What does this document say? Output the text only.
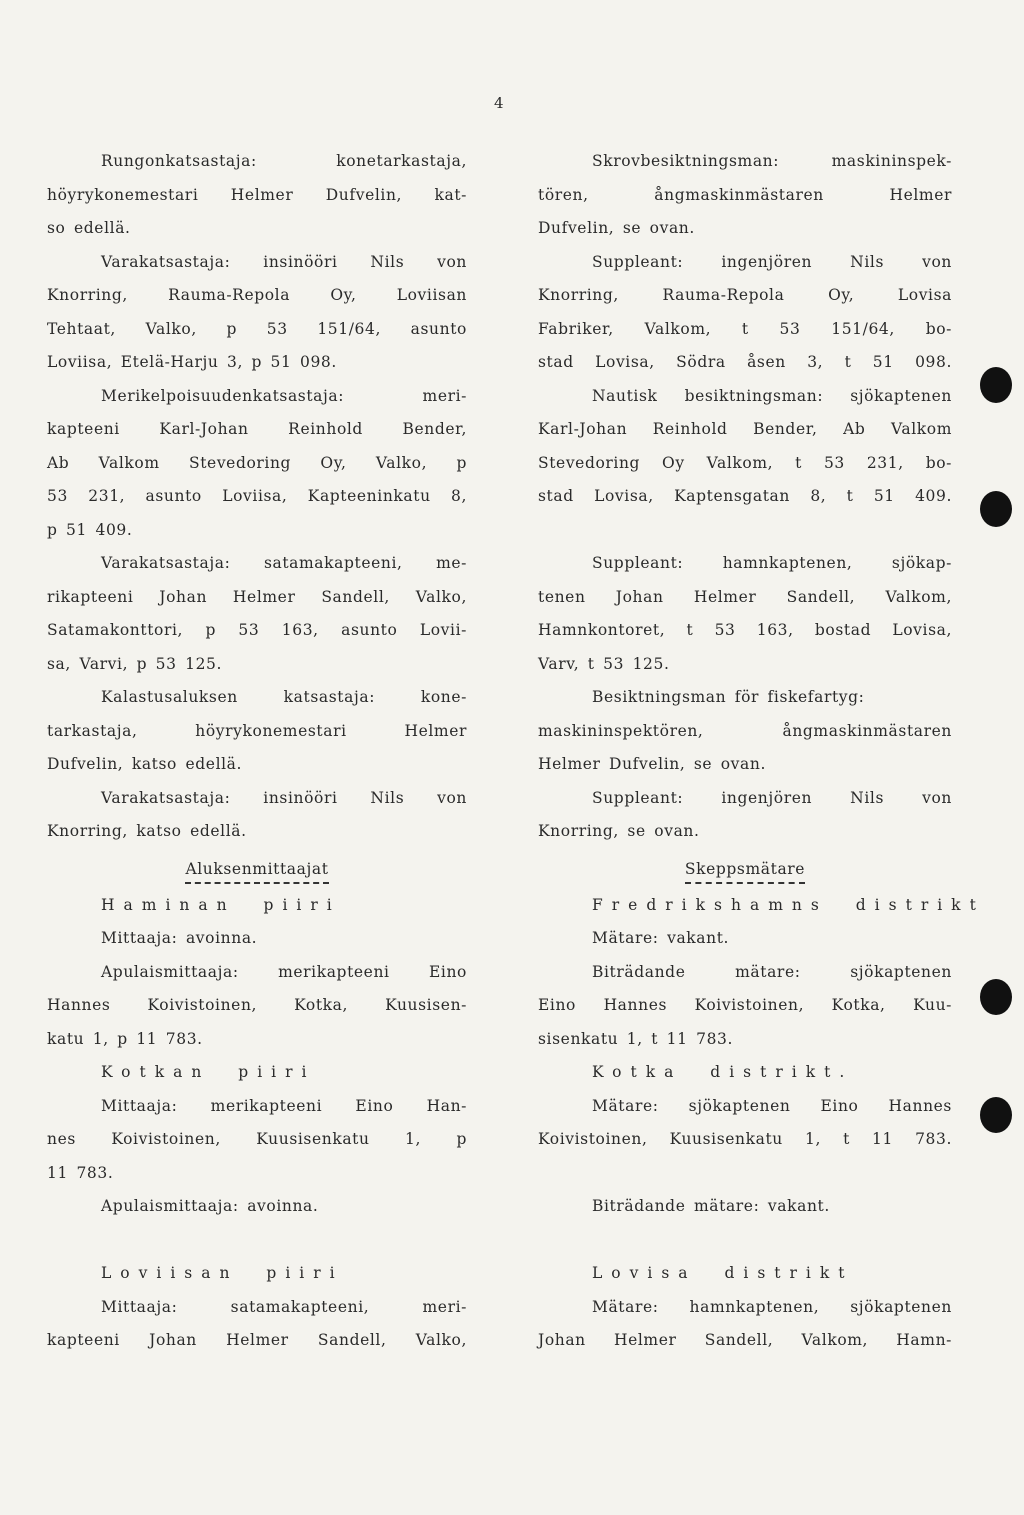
4
Rungonkatsastaja: konetarkastaja,
höyrykonemestari Helmer Dufvelin, kat-
so edellä.
Varakatsastaja: insinööri Nils von
Knorring, Rauma-Repola Oy, Loviisan
Tehtaat, Valko, p 53 151/64, asunto
Loviisa, Etelä-Harju 3, p 51 098.
Merikelpoisuudenkatsastaja: meri-
kapteeni Karl-Johan Reinhold Bender,
Ab Valkom Stevedoring Oy, Valko, p
53 231, asunto Loviisa, Kapteeninkatu 8,
p 51 409.
Varakatsastaja: satamakapteeni, me-
rikapteeni Johan Helmer Sandell, Valko,
Satamakonttori, p 53 163, asunto Lovii-
sa, Varvi, p 53 125.
Kalastusaluksen katsastaja: kone-
tarkastaja, höyrykonemestari Helmer
Dufvelin, katso edellä.
Varakatsastaja: insinööri Nils von
Knorring, katso edellä.
Aluksenmittaajat
Haminan piiri
Mittaaja: avoinna.
Apulaismittaaja: merikapteeni Eino
Hannes Koivistoinen, Kotka, Kuusisen-
katu 1, p 11 783.
Kotkan piiri
Mittaaja: merikapteeni Eino Han-
nes Koivistoinen, Kuusisenkatu 1, p
11 783.
Apulaismittaaja: avoinna.
Loviisan piiri
Mittaaja: satamakapteeni, meri-
kapteeni Johan Helmer Sandell, Valko,
Skrovbesiktningsman: maskininspek-
tören, ångmaskinmästaren Helmer
Dufvelin, se ovan.
Suppleant: ingenjören Nils von
Knorring, Rauma-Repola Oy, Lovisa
Fabriker, Valkom, t 53 151/64, bo-
stad Lovisa, Södra åsen 3, t 51 098.
Nautisk besiktningsman: sjökaptenen
Karl-Johan Reinhold Bender, Ab Valkom
Stevedoring Oy Valkom, t 53 231, bo-
stad Lovisa, Kaptensgatan 8, t 51 409.
Suppleant: hamnkaptenen, sjökap-
tenen Johan Helmer Sandell, Valkom,
Hamnkontoret, t 53 163, bostad Lovisa,
Varv, t 53 125.
Besiktningsman för fiskefartyg:
maskininspektören, ångmaskinmästaren
Helmer Dufvelin, se ovan.
Suppleant: ingenjören Nils von
Knorring, se ovan.
Skeppsmätare
Fredrikshamns distrikt
Mätare: vakant.
Biträdande mätare: sjökaptenen
Eino Hannes Koivistoinen, Kotka, Kuu-
sisenkatu 1, t 11 783.
Kotka distrikt.
Mätare: sjökaptenen Eino Hannes
Koivistoinen, Kuusisenkatu 1, t 11 783.
Biträdande mätare: vakant.
Lovisa distrikt
Mätare: hamnkaptenen, sjökaptenen
Johan Helmer Sandell, Valkom, Hamn-
